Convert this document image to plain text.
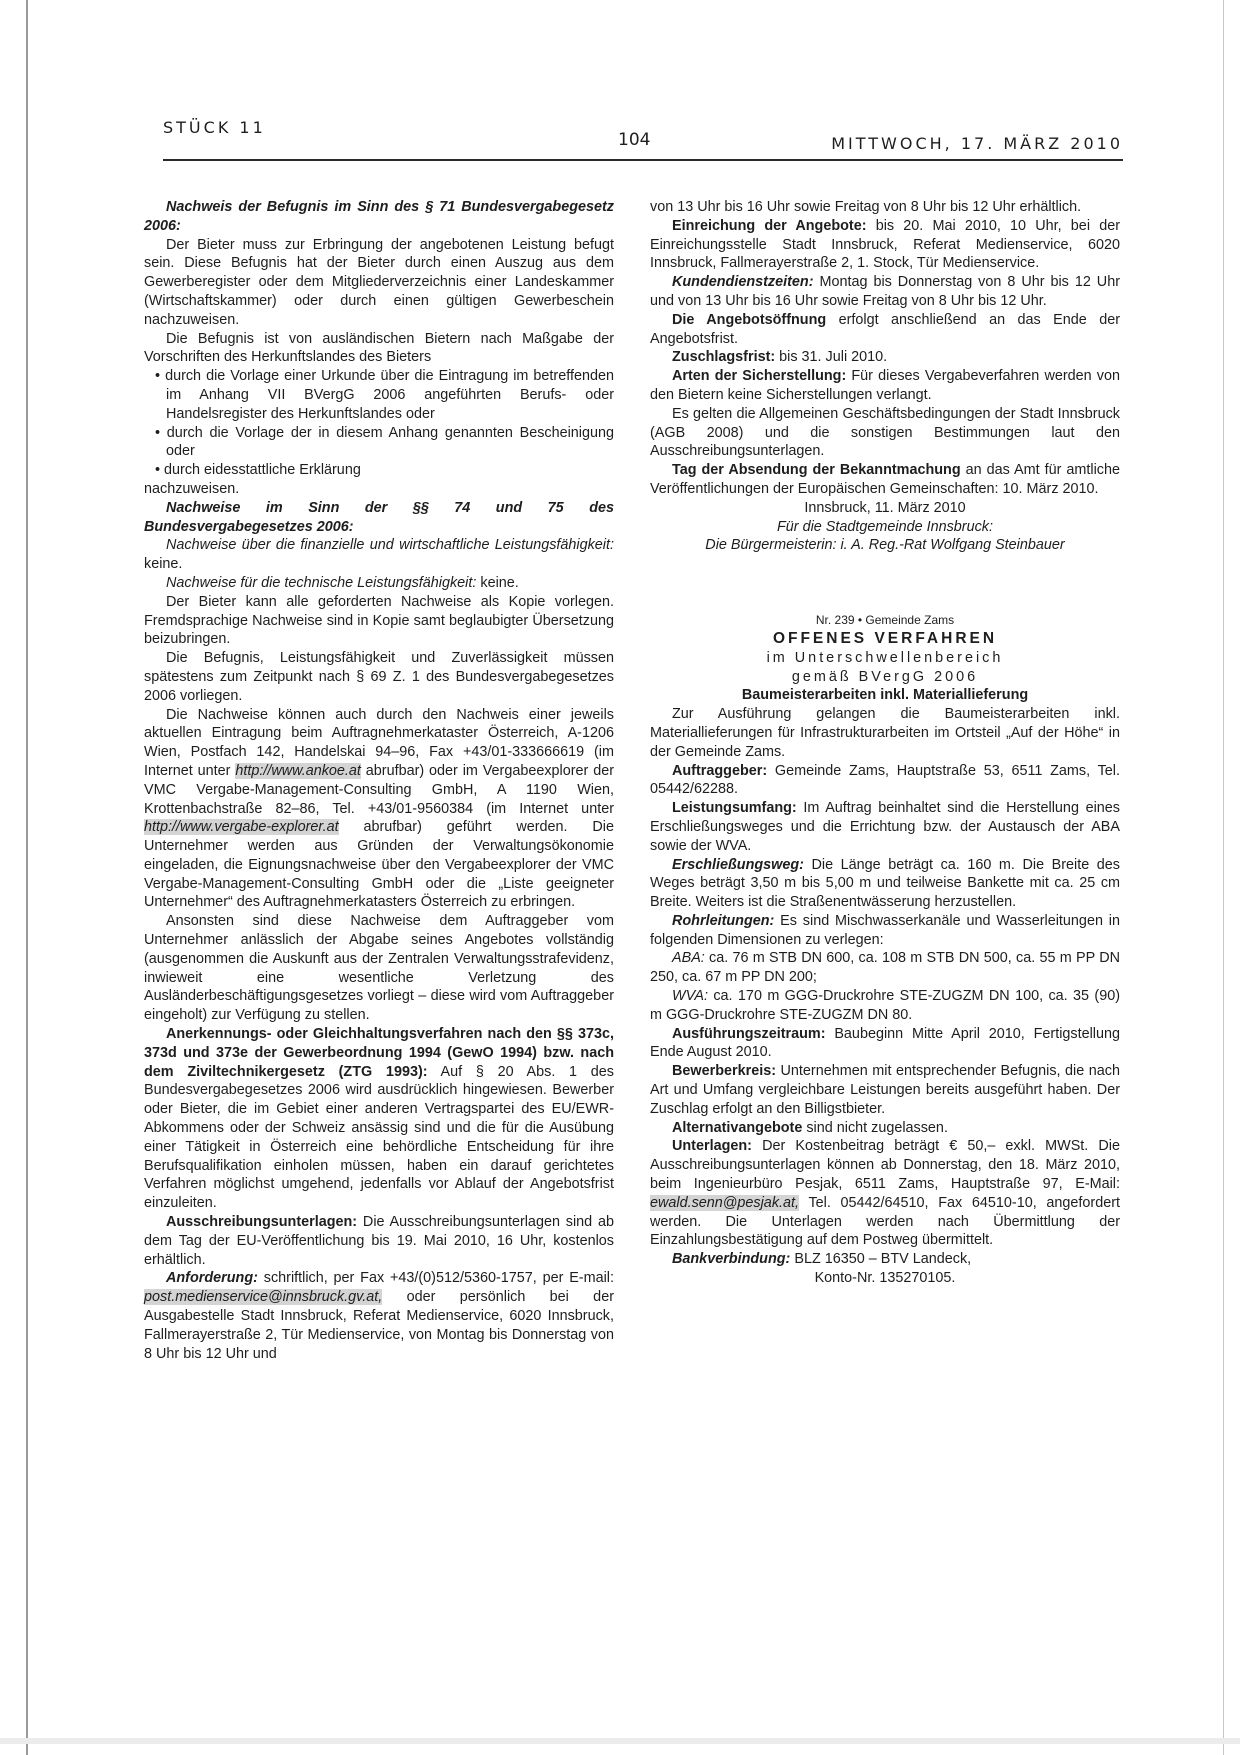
STÜCK 11
104	MITTWOCH, 17. MÄRZ 2010

Nachweis der Befugnis im Sinn des § 71 Bundesvergabegesetz 2006:

Der Bieter muss zur Erbringung der angebotenen Leistung befugt sein. Diese Befugnis hat der Bieter durch einen Auszug aus dem Gewerberegister oder dem Mitgliederverzeichnis einer Landeskammer (Wirtschaftskammer) oder durch einen gültigen Gewerbeschein nachzuweisen.

Die Befugnis ist von ausländischen Bietern nach Maßgabe der Vorschriften des Herkunftslandes des Bieters

• durch die Vorlage einer Urkunde über die Eintragung im betreffenden im Anhang VII BVergG 2006 angeführten Berufs- oder Handelsregister des Herkunftslandes oder
• durch die Vorlage der in diesem Anhang genannten Bescheinigung oder
• durch eidesstattliche Erklärung

nachzuweisen.

Nachweise im Sinn der §§ 74 und 75 des Bundesvergabegesetzes 2006:

Nachweise über die finanzielle und wirtschaftliche Leistungsfähigkeit: keine.

Nachweise für die technische Leistungsfähigkeit: keine.

Der Bieter kann alle geforderten Nachweise als Kopie vorlegen. Fremdsprachige Nachweise sind in Kopie samt beglaubigter Übersetzung beizubringen.

Die Befugnis, Leistungsfähigkeit und Zuverlässigkeit müssen spätestens zum Zeitpunkt nach § 69 Z. 1 des Bundesvergabegesetzes 2006 vorliegen.

Die Nachweise können auch durch den Nachweis einer jeweils aktuellen Eintragung beim Auftragnehmerkataster Österreich, A-1206 Wien, Postfach 142, Handelskai 94–96, Fax +43/01-333666619 (im Internet unter http://www.ankoe.at abrufbar) oder im Vergabeexplorer der VMC Vergabe-Management-Consulting GmbH, A 1190 Wien, Krottenbachstraße 82–86, Tel. +43/01-9560384 (im Internet unter http://www.vergabe-explorer.at abrufbar) geführt werden. Die Unternehmer werden aus Gründen der Verwaltungsökonomie eingeladen, die Eignungsnachweise über den Vergabeexplorer der VMC Vergabe-Management-Consulting GmbH oder die „Liste geeigneter Unternehmer“ des Auftragnehmerkatasters Österreich zu erbringen.

Ansonsten sind diese Nachweise dem Auftraggeber vom Unternehmer anlässlich der Abgabe seines Angebotes vollständig (ausgenommen die Auskunft aus der Zentralen Verwaltungsstrafevidenz, inwieweit eine wesentliche Verletzung des Ausländerbeschäftigungsgesetzes vorliegt – diese wird vom Auftraggeber eingeholt) zur Verfügung zu stellen.

Anerkennungs- oder Gleichhaltungsverfahren nach den §§ 373c, 373d und 373e der Gewerbeordnung 1994 (GewO 1994) bzw. nach dem Ziviltechnikergesetz (ZTG 1993): Auf § 20 Abs. 1 des Bundesvergabegesetzes 2006 wird ausdrücklich hingewiesen. Bewerber oder Bieter, die im Gebiet einer anderen Vertragspartei des EU/EWR-Abkommens oder der Schweiz ansässig sind und die für die Ausübung einer Tätigkeit in Österreich eine behördliche Entscheidung für ihre Berufsqualifikation einholen müssen, haben ein darauf gerichtetes Verfahren möglichst umgehend, jedenfalls vor Ablauf der Angebotsfrist einzuleiten.

Ausschreibungsunterlagen: Die Ausschreibungsunterlagen sind ab dem Tag der EU-Veröffentlichung bis 19. Mai 2010, 16 Uhr, kostenlos erhältlich.

Anforderung: schriftlich, per Fax +43/(0)512/5360-1757, per E-mail: post.medienservice@innsbruck.gv.at, oder persönlich bei der Ausgabestelle Stadt Innsbruck, Referat Medienservice, 6020 Innsbruck, Fallmerayerstraße 2, Tür Medienservice, von Montag bis Donnerstag von 8 Uhr bis 12 Uhr und

von 13 Uhr bis 16 Uhr sowie Freitag von 8 Uhr bis 12 Uhr erhältlich.

Einreichung der Angebote: bis 20. Mai 2010, 10 Uhr, bei der Einreichungsstelle Stadt Innsbruck, Referat Medienservice, 6020 Innsbruck, Fallmerayerstraße 2, 1. Stock, Tür Medienservice.

Kundendienstzeiten: Montag bis Donnerstag von 8 Uhr bis 12 Uhr und von 13 Uhr bis 16 Uhr sowie Freitag von 8 Uhr bis 12 Uhr.

Die Angebotsöffnung erfolgt anschließend an das Ende der Angebotsfrist.

Zuschlagsfrist: bis 31. Juli 2010.

Arten der Sicherstellung: Für dieses Vergabeverfahren werden von den Bietern keine Sicherstellungen verlangt.

Es gelten die Allgemeinen Geschäftsbedingungen der Stadt Innsbruck (AGB 2008) und die sonstigen Bestimmungen laut den Ausschreibungsunterlagen.

Tag der Absendung der Bekanntmachung an das Amt für amtliche Veröffentlichungen der Europäischen Gemeinschaften: 10. März 2010.

Innsbruck, 11. März 2010

Für die Stadtgemeinde Innsbruck:

Die Bürgermeisterin: i. A. Reg.-Rat Wolfgang Steinbauer

Nr. 239 • Gemeinde Zams

OFFENES VERFAHREN

im Unterschwellenbereich

gemäß BVergG 2006

Baumeisterarbeiten inkl. Materiallieferung

Zur Ausführung gelangen die Baumeisterarbeiten inkl. Materiallieferungen für Infrastrukturarbeiten im Ortsteil „Auf der Höhe“ in der Gemeinde Zams.

Auftraggeber: Gemeinde Zams, Hauptstraße 53, 6511 Zams, Tel. 05442/62288.

Leistungsumfang: Im Auftrag beinhaltet sind die Herstellung eines Erschließungsweges und die Errichtung bzw. der Austausch der ABA sowie der WVA.

Erschließungsweg: Die Länge beträgt ca. 160 m. Die Breite des Weges beträgt 3,50 m bis 5,00 m und teilweise Bankette mit ca. 25 cm Breite. Weiters ist die Straßenentwässerung herzustellen.

Rohrleitungen: Es sind Mischwasserkanäle und Wasserleitungen in folgenden Dimensionen zu verlegen:

ABA: ca. 76 m STB DN 600, ca. 108 m STB DN 500, ca. 55 m PP DN 250, ca. 67 m PP DN 200;

WVA: ca. 170 m GGG-Druckrohre STE-ZUGZM DN 100, ca. 35 (90) m GGG-Druckrohre STE-ZUGZM DN 80.

Ausführungszeitraum: Baubeginn Mitte April 2010, Fertigstellung Ende August 2010.

Bewerberkreis: Unternehmen mit entsprechender Befugnis, die nach Art und Umfang vergleichbare Leistungen bereits ausgeführt haben. Der Zuschlag erfolgt an den Billigstbieter.

Alternativangebote sind nicht zugelassen.

Unterlagen: Der Kostenbeitrag beträgt € 50,– exkl. MWSt. Die Ausschreibungsunterlagen können ab Donnerstag, den 18. März 2010, beim Ingenieurbüro Pesjak, 6511 Zams, Hauptstraße 97, E-Mail: ewald.senn@pesjak.at, Tel. 05442/64510, Fax 64510-10, angefordert werden. Die Unterlagen werden nach Übermittlung der Einzahlungsbestätigung auf dem Postweg übermittelt.

Bankverbindung: BLZ 16350 – BTV Landeck,

Konto-Nr. 135270105.
